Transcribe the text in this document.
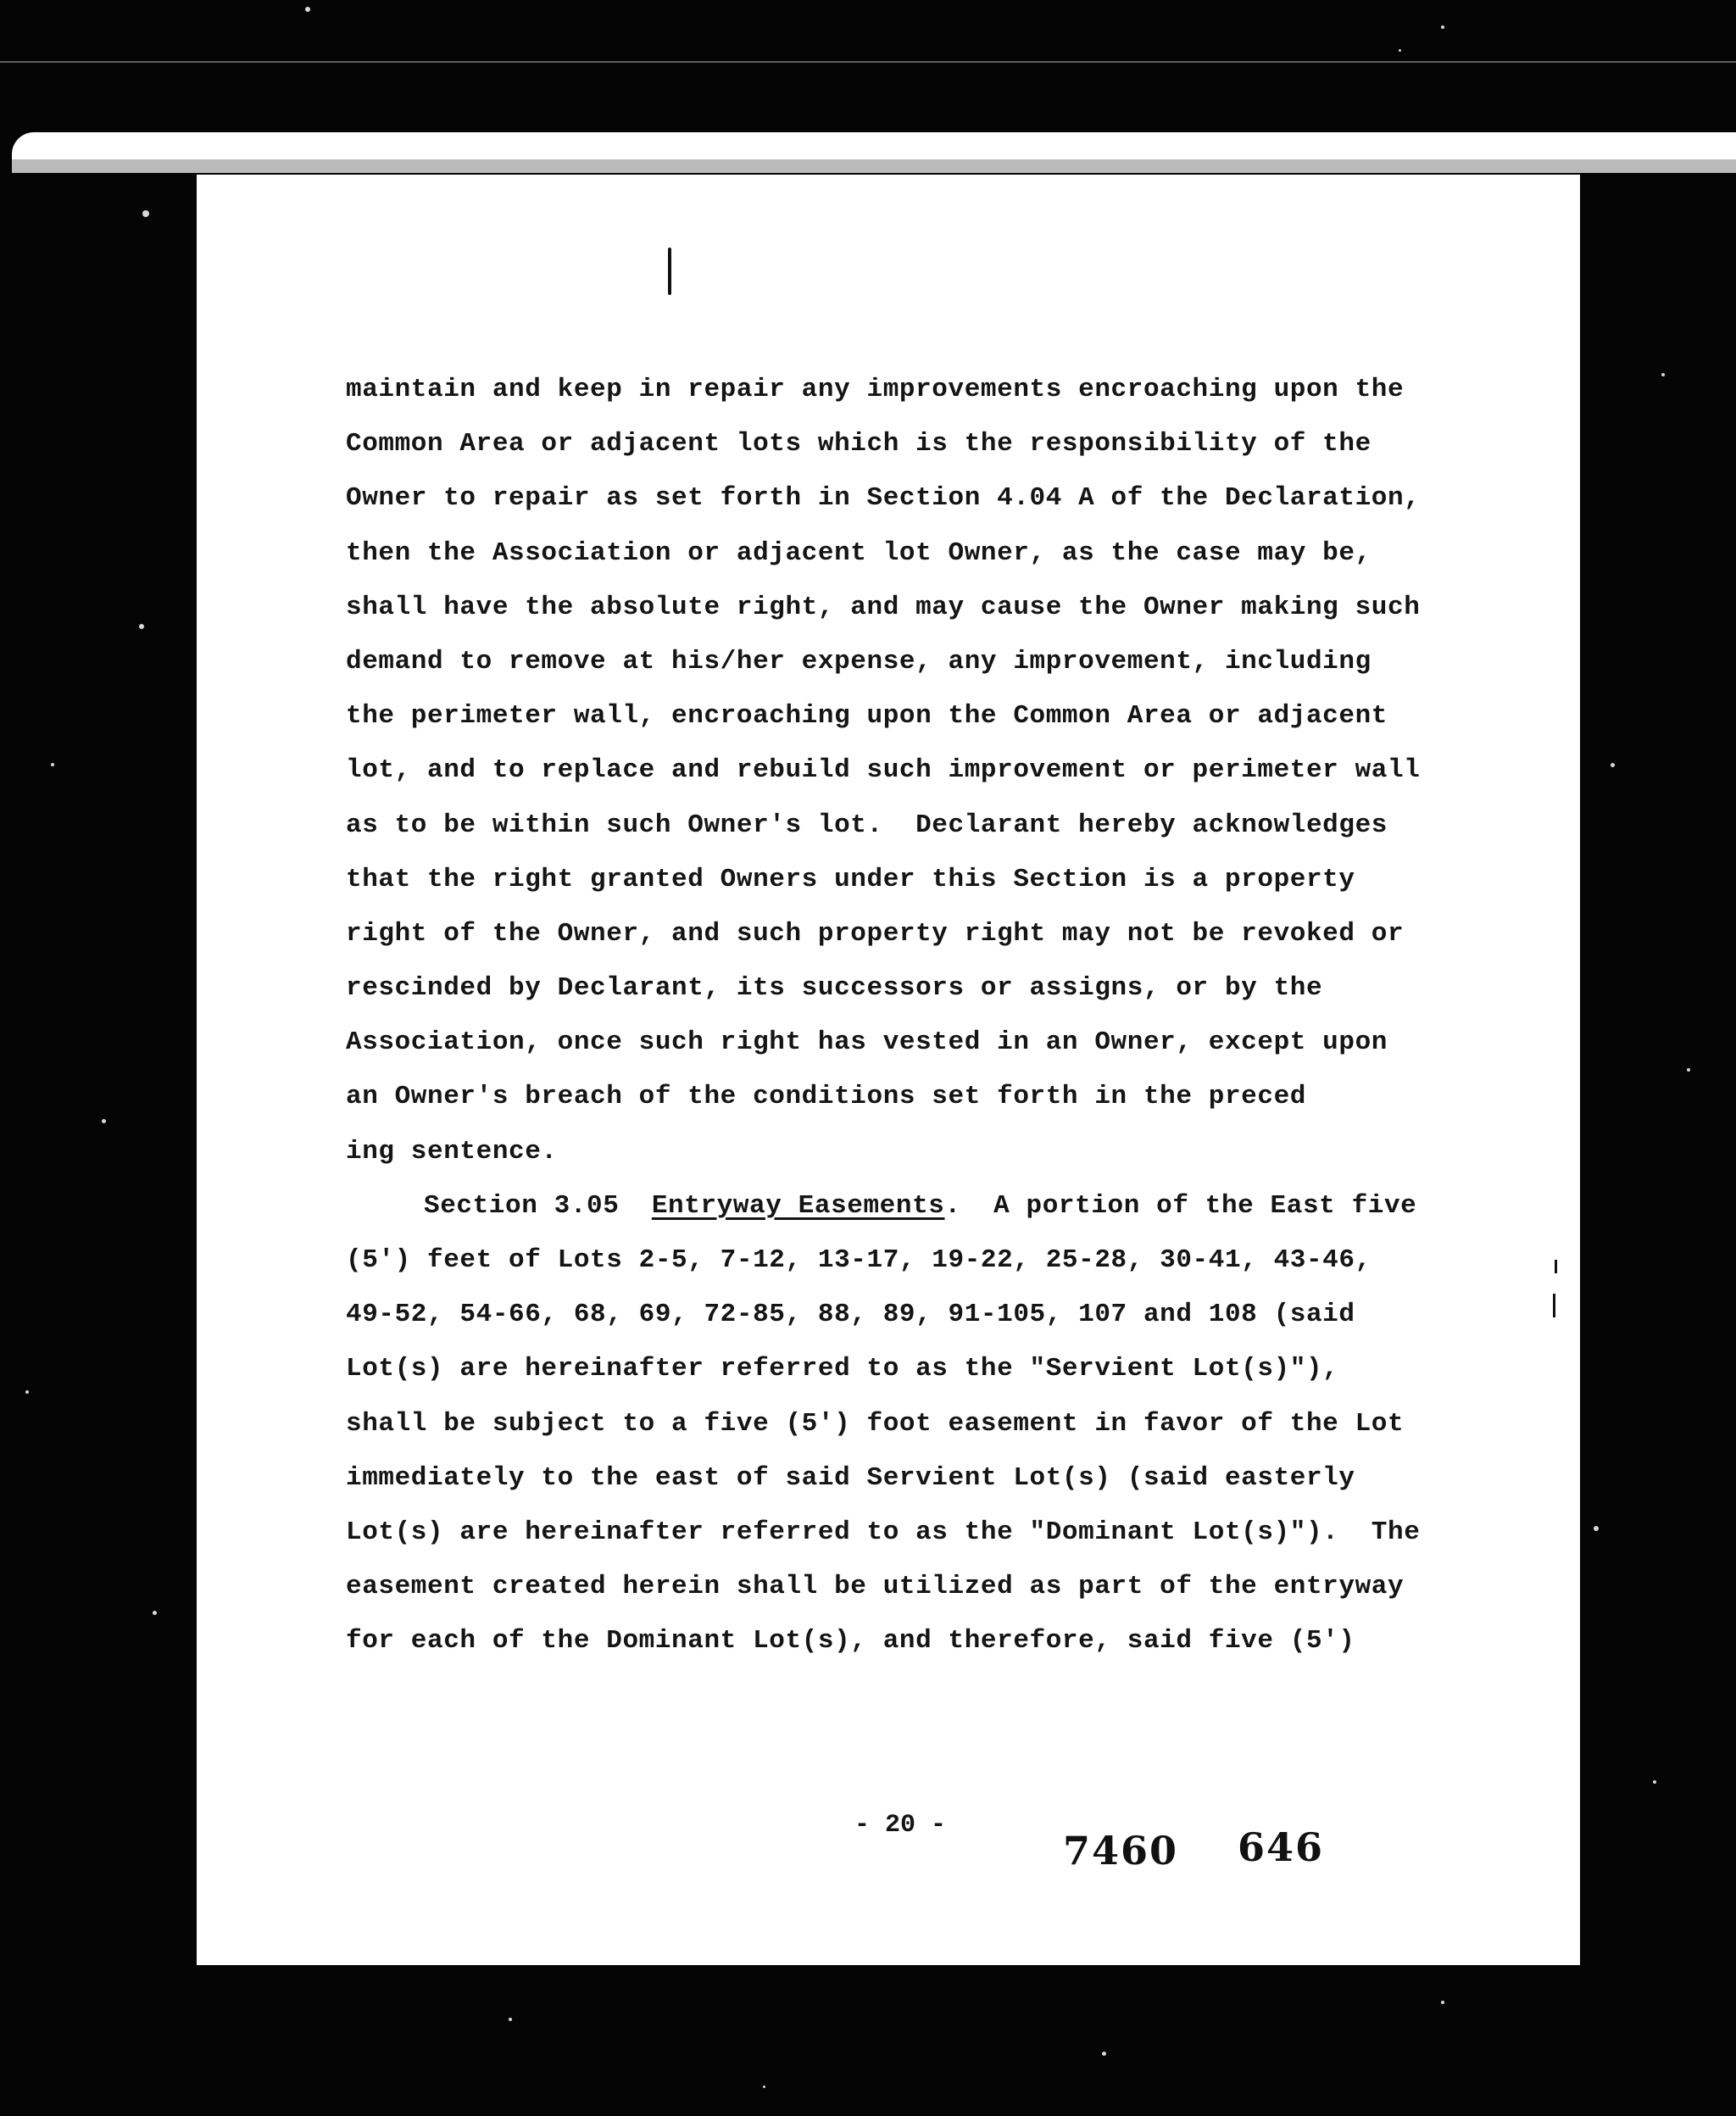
maintain and keep in repair any improvements encroaching upon the
Common Area or adjacent lots which is the responsibility of the
Owner to repair as set forth in Section 4.04 A of the Declaration,
then the Association or adjacent lot Owner, as the case may be,
shall have the absolute right, and may cause the Owner making such
demand to remove at his/her expense, any improvement, including
the perimeter wall, encroaching upon the Common Area or adjacent
lot, and to replace and rebuild such improvement or perimeter wall
as to be within such Owner's lot.  Declarant hereby acknowledges
that the right granted Owners under this Section is a property
right of the Owner, and such property right may not be revoked or
rescinded by Declarant, its successors or assigns, or by the
Association, once such right has vested in an Owner, except upon
an Owner's breach of the conditions set forth in the preced
ing sentence.
Section 3.05 Entryway Easements.  A portion of the East five
(5') feet of Lots 2-5, 7-12, 13-17, 19-22, 25-28, 30-41, 43-46,
49-52, 54-66, 68, 69, 72-85, 88, 89, 91-105, 107 and 108 (said
Lot(s) are hereinafter referred to as the "Servient Lot(s)"),
shall be subject to a five (5') foot easement in favor of the Lot
immediately to the east of said Servient Lot(s) (said easterly
Lot(s) are hereinafter referred to as the "Dominant Lot(s)").  The
easement created herein shall be utilized as part of the entryway
for each of the Dominant Lot(s), and therefore, said five (5')
- 20 -
7460 646
